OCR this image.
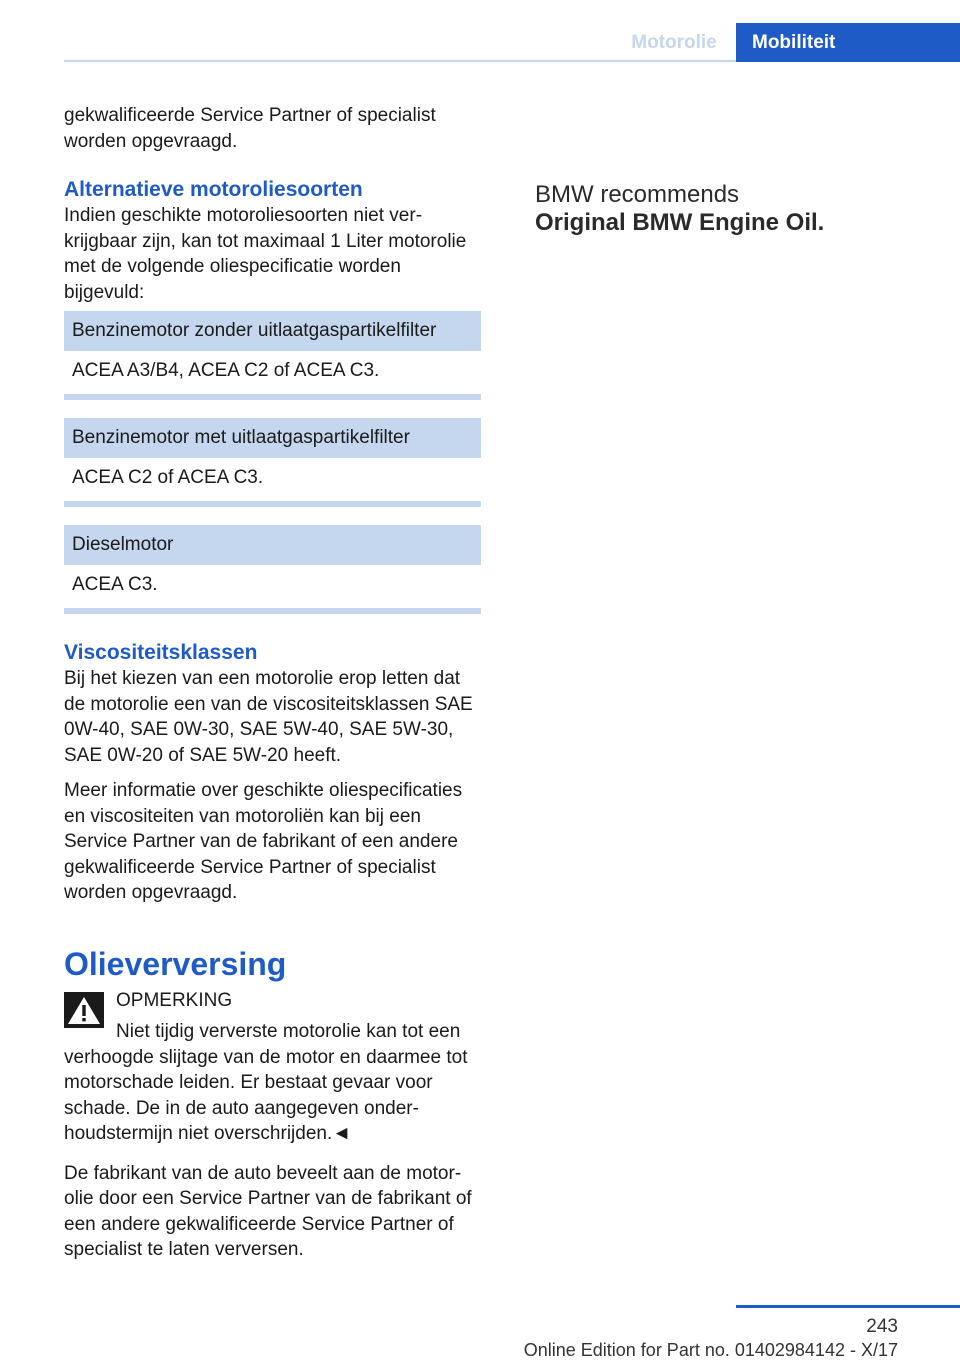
Motorolie	Mobiliteit

gekwalificeerde Service Partner of specialist worden opgevraagd.

Alternatieve motoroliesoorten

Indien geschikte motoroliesoorten niet verkrijgbaar zijn, kan tot maximaal 1 Liter motorolie met de volgende oliespecificatie worden bijgevuld:

Benzinemotor zonder uitlaatgaspartikelfilter
ACEA A3/B4, ACEA C2 of ACEA C3.
Benzinemotor met uitlaatgaspartikelfilter
ACEA C2 of ACEA C3.
Dieselmotor
ACEA C3.
Viscositeitsklassen

Bij het kiezen van een motorolie erop letten dat de motorolie een van de viscositeitsklassen SAE 0W-40, SAE 0W-30, SAE 5W-40, SAE 5W-30, SAE 0W-20 of SAE 5W-20 heeft.

Meer informatie over geschikte oliespecificaties en viscositeiten van motoroliën kan bij een Service Partner van de fabrikant of een andere gekwalificeerde Service Partner of specialist worden opgevraagd.

Olieverversing
OPMERKING

Niet tijdig ververste motorolie kan tot een verhoogde slijtage van de motor en daarmee tot motorschade leiden. Er bestaat gevaar voor schade. De in de auto aangegeven onderhoudstermijn niet overschrijden.◄

De fabrikant van de auto beveelt aan de motorolie door een Service Partner van de fabrikant of een andere gekwalificeerde Service Partner of specialist te laten verversen.

BMW recommends
Original BMW Engine Oil.
243
Online Edition for Part no. 01402984142 - X/17
